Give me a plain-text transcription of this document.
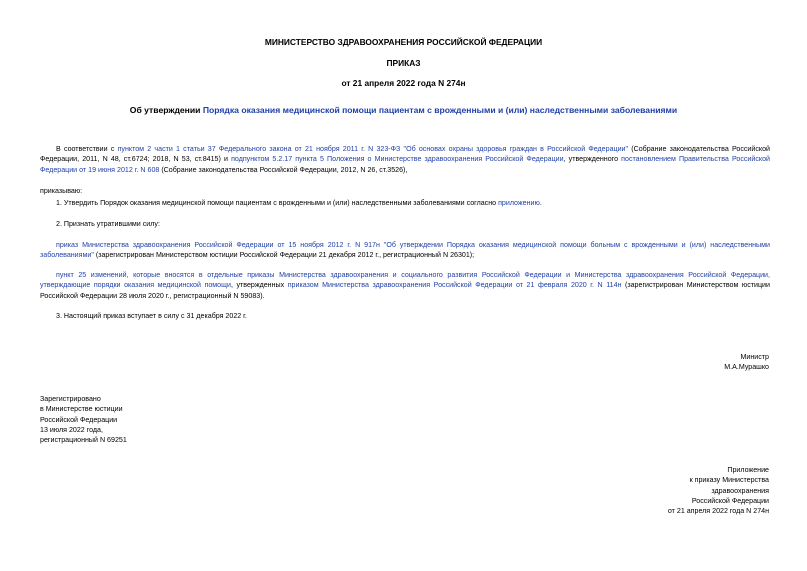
МИНИСТЕРСТВО ЗДРАВООХРАНЕНИЯ РОССИЙСКОЙ ФЕДЕРАЦИИ
ПРИКАЗ
от 21 апреля 2022 года N 274н
Об утверждении Порядка оказания медицинской помощи пациентам с врожденными и (или) наследственными заболеваниями
В соответствии с пунктом 2 части 1 статьи 37 Федерального закона от 21 ноября 2011 г. N 323-ФЗ "Об основах охраны здоровья граждан в Российской Федерации" (Собрание законодательства Российской Федерации, 2011, N 48, ст.6724; 2018, N 53, ст.8415) и подпунктом 5.2.17 пункта 5 Положения о Министерстве здравоохранения Российской Федерации, утвержденного постановлением Правительства Российской Федерации от 19 июня 2012 г. N 608 (Собрание законодательства Российской Федерации, 2012, N 26, ст.3526),
приказываю:
1. Утвердить Порядок оказания медицинской помощи пациентам с врожденными и (или) наследственными заболеваниями согласно приложению.
2. Признать утратившими силу:
приказ Министерства здравоохранения Российской Федерации от 15 ноября 2012 г. N 917н "Об утверждении Порядка оказания медицинской помощи больным с врожденными и (или) наследственными заболеваниями" (зарегистрирован Министерством юстиции Российской Федерации 21 декабря 2012 г., регистрационный N 26301);
пункт 25 изменений, которые вносятся в отдельные приказы Министерства здравоохранения и социального развития Российской Федерации и Министерства здравоохранения Российской Федерации, утверждающие порядки оказания медицинской помощи, утвержденных приказом Министерства здравоохранения Российской Федерации от 21 февраля 2020 г. N 114н (зарегистрирован Министерством юстиции Российской Федерации 28 июля 2020 г., регистрационный N 59083).
3. Настоящий приказ вступает в силу с 31 декабря 2022 г.
Министр
М.А.Мурашко
Зарегистрировано
в Министерстве юстиции
Российской Федерации
13 июля 2022 года,
регистрационный N 69251
Приложение
к приказу Министерства
здравоохранения
Российской Федерации
от 21 апреля 2022 года N 274н
